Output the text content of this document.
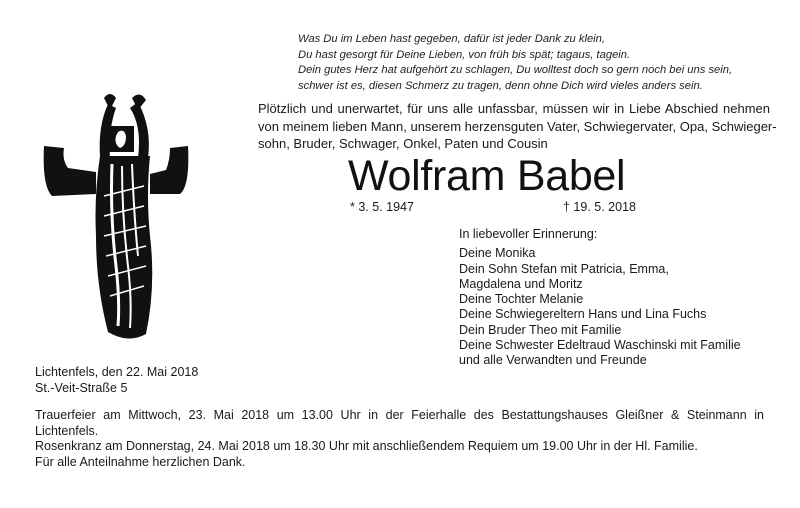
Was Du im Leben hast gegeben, dafür ist jeder Dank zu klein,
Du hast gesorgt für Deine Lieben, von früh bis spät; tagaus, tagein.
Dein gutes Herz hat aufgehört zu schlagen, Du wolltest doch so gern noch bei uns sein,
schwer ist es, diesen Schmerz zu tragen, denn ohne Dich wird vieles anders sein.
Plötzlich und unerwartet, für uns alle unfassbar, müssen wir in Liebe Abschied nehmen
von meinem lieben Mann, unserem herzensguten Vater, Schwiegervater, Opa, Schwieger-
sohn, Bruder, Schwager, Onkel, Paten und Cousin
Wolfram Babel
* 3. 5. 1947	† 19. 5. 2018
In liebevoller Erinnerung:
Deine Monika
Dein Sohn Stefan mit Patricia, Emma,
Magdalena und Moritz
Deine Tochter Melanie
Deine Schwiegereltern Hans und Lina Fuchs
Dein Bruder Theo mit Familie
Deine Schwester Edeltraud Waschinski mit Familie
und alle Verwandten und Freunde
Lichtenfels, den 22. Mai 2018
St.-Veit-Straße 5
Trauerfeier am Mittwoch, 23. Mai 2018 um 13.00 Uhr in der Feierhalle des Bestattungshauses Gleißner & Steinmann in
Lichtenfels.
Rosenkranz am Donnerstag, 24. Mai 2018 um 18.30 Uhr mit anschließendem Requiem um 19.00 Uhr in der Hl. Familie.
Für alle Anteilnahme herzlichen Dank.
